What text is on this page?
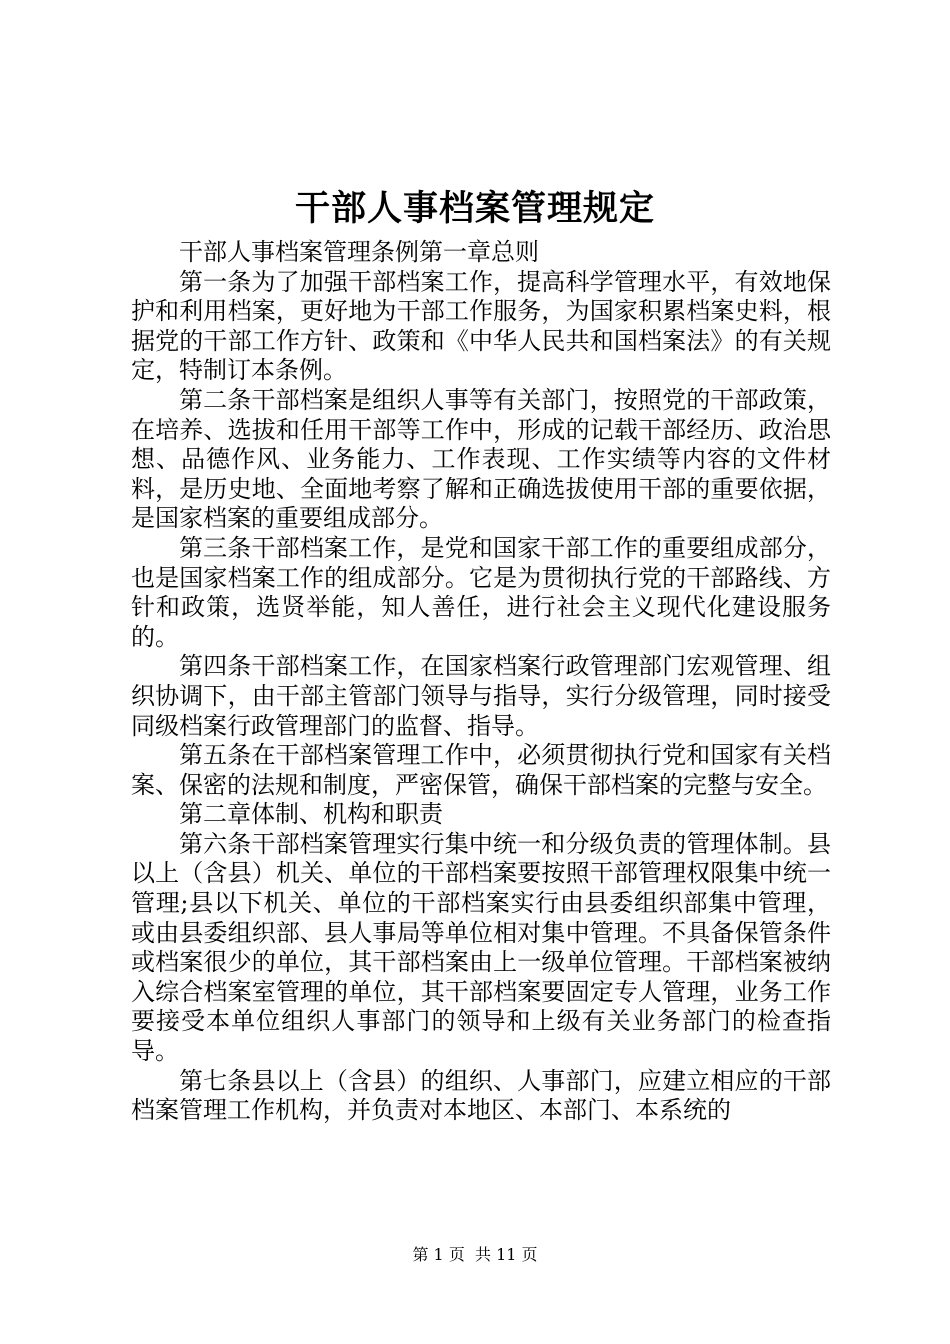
干部人事档案管理规定

干部人事档案管理条例第一章总则

第一条为了加强干部档案工作，提高科学管理水平，有效地保护和利用档案，更好地为干部工作服务，为国家积累档案史料，根据党的干部工作方针、政策和《中华人民共和国档案法》的有关规定，特制订本条例。

第二条干部档案是组织人事等有关部门，按照党的干部政策，在培养、选拔和任用干部等工作中，形成的记载干部经历、政治思想、品德作风、业务能力、工作表现、工作实绩等内容的文件材料，是历史地、全面地考察了解和正确选拔使用干部的重要依据，是国家档案的重要组成部分。

第三条干部档案工作，是党和国家干部工作的重要组成部分，也是国家档案工作的组成部分。它是为贯彻执行党的干部路线、方针和政策，选贤举能，知人善任，进行社会主义现代化建设服务的。

第四条干部档案工作，在国家档案行政管理部门宏观管理、组织协调下，由干部主管部门领导与指导，实行分级管理，同时接受同级档案行政管理部门的监督、指导。

第五条在干部档案管理工作中，必须贯彻执行党和国家有关档案、保密的法规和制度，严密保管，确保干部档案的完整与安全。

第二章体制、机构和职责

第六条干部档案管理实行集中统一和分级负责的管理体制。县以上（含县）机关、单位的干部档案要按照干部管理权限集中统一管理;县以下机关、单位的干部档案实行由县委组织部集中管理，或由县委组织部、县人事局等单位相对集中管理。不具备保管条件或档案很少的单位，其干部档案由上一级单位管理。干部档案被纳入综合档案室管理的单位，其干部档案要固定专人管理，业务工作要接受本单位组织人事部门的领导和上级有关业务部门的检查指导。

第七条县以上（含县）的组织、人事部门，应建立相应的干部档案管理工作机构，并负责对本地区、本部门、本系统的

第 1 页  共 11 页
